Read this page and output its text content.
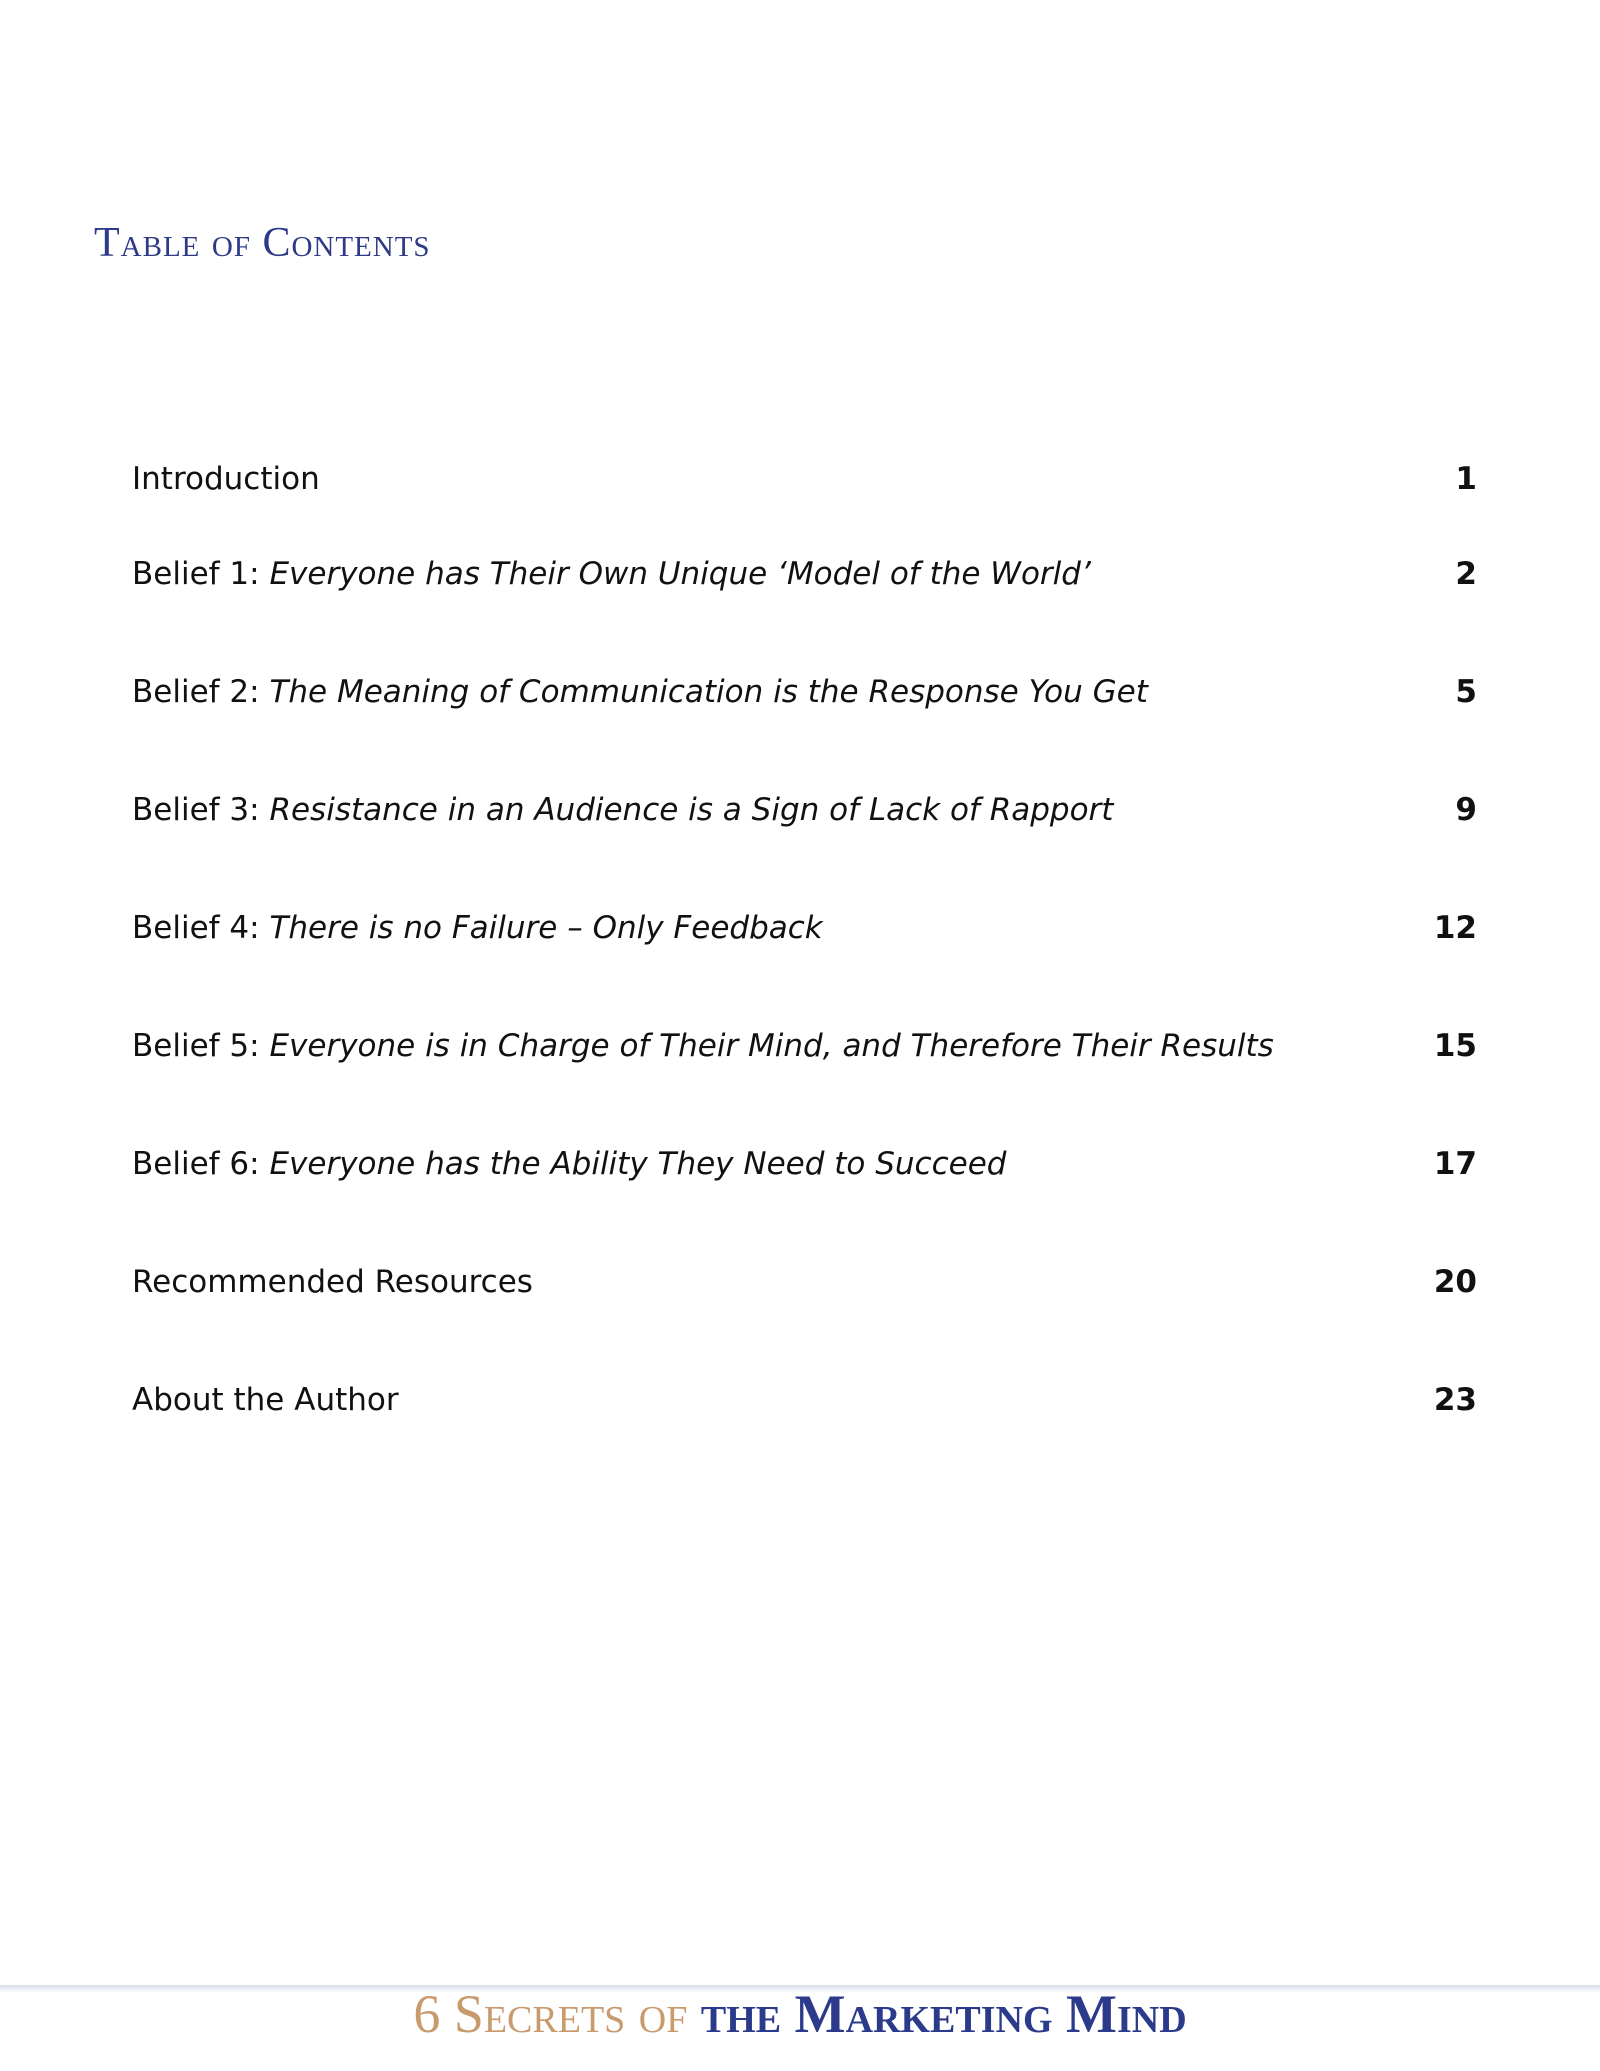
Table of Contents
Introduction	1
Belief 1: Everyone has Their Own Unique ‘Model of the World’	2
Belief 2: The Meaning of Communication is the Response You Get	5
Belief 3: Resistance in an Audience is a Sign of Lack of Rapport	9
Belief 4: There is no Failure – Only Feedback	12
Belief 5: Everyone is in Charge of Their Mind, and Therefore Their Results	15
Belief 6: Everyone has the Ability They Need to Succeed	17
Recommended Resources	20
About the Author	23
6 Secrets of the Marketing Mind
